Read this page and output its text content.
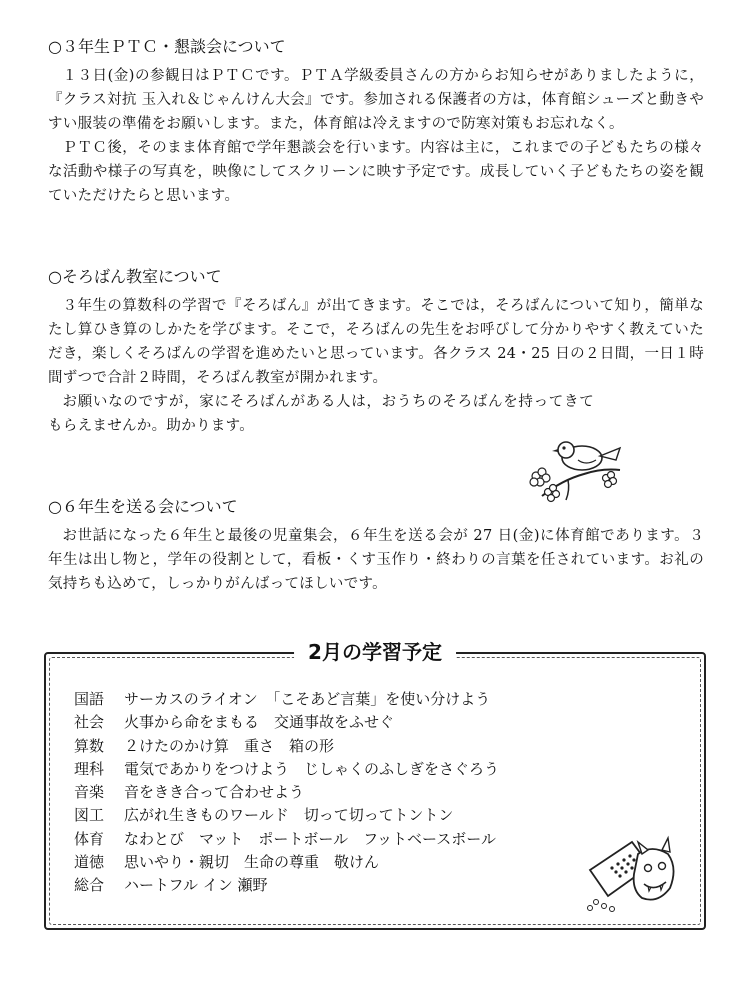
○３年生ＰＴＣ・懇談会について

１３日(金)の参観日はＰＴＣです。ＰＴＡ学級委員さんの方からお知らせがありましたように，『クラス対抗 玉入れ＆じゃんけん大会』です。参加される保護者の方は，体育館シューズと動きやすい服装の準備をお願いします。また，体育館は冷えますので防寒対策もお忘れなく。

ＰＴＣ後，そのまま体育館で学年懇談会を行います。内容は主に，これまでの子どもたちの様々な活動や様子の写真を，映像にしてスクリーンに映す予定です。成長していく子どもたちの姿を観ていただけたらと思います。

○そろばん教室について

３年生の算数科の学習で『そろばん』が出てきます。そこでは，そろばんについて知り，簡単なたし算ひき算のしかたを学びます。そこで，そろばんの先生をお呼びして分かりやすく教えていただき，楽しくそろばんの学習を進めたいと思っています。各クラス 24・25 日の２日間，一日１時間ずつで合計２時間，そろばん教室が開かれます。

お願いなのですが，家にそろばんがある人は，おうちのそろばんを持ってきてもらえませんか。助かります。

○６年生を送る会について

お世話になった６年生と最後の児童集会，６年生を送る会が 27 日(金)に体育館であります。３年生は出し物と，学年の役割として，看板・くす玉作り・終わりの言葉を任されています。お礼の気持ちも込めて，しっかりがんばってほしいです。

2月の学習予定
国語	サーカスのライオン　「こそあど言葉」を使い分けよう
社会	火事から命をまもる　交通事故をふせぐ
算数	２けたのかけ算　重さ　箱の形
理科	電気であかりをつけよう　じしゃくのふしぎをさぐろう
音楽	音をきき合って合わせよう
図工	広がれ生きものワールド　切って切ってトントン
体育	なわとび　マット　ポートボール　フットベースボール
道徳	思いやり・親切　生命の尊重　敬けん
総合	ハートフル イン 瀬野
